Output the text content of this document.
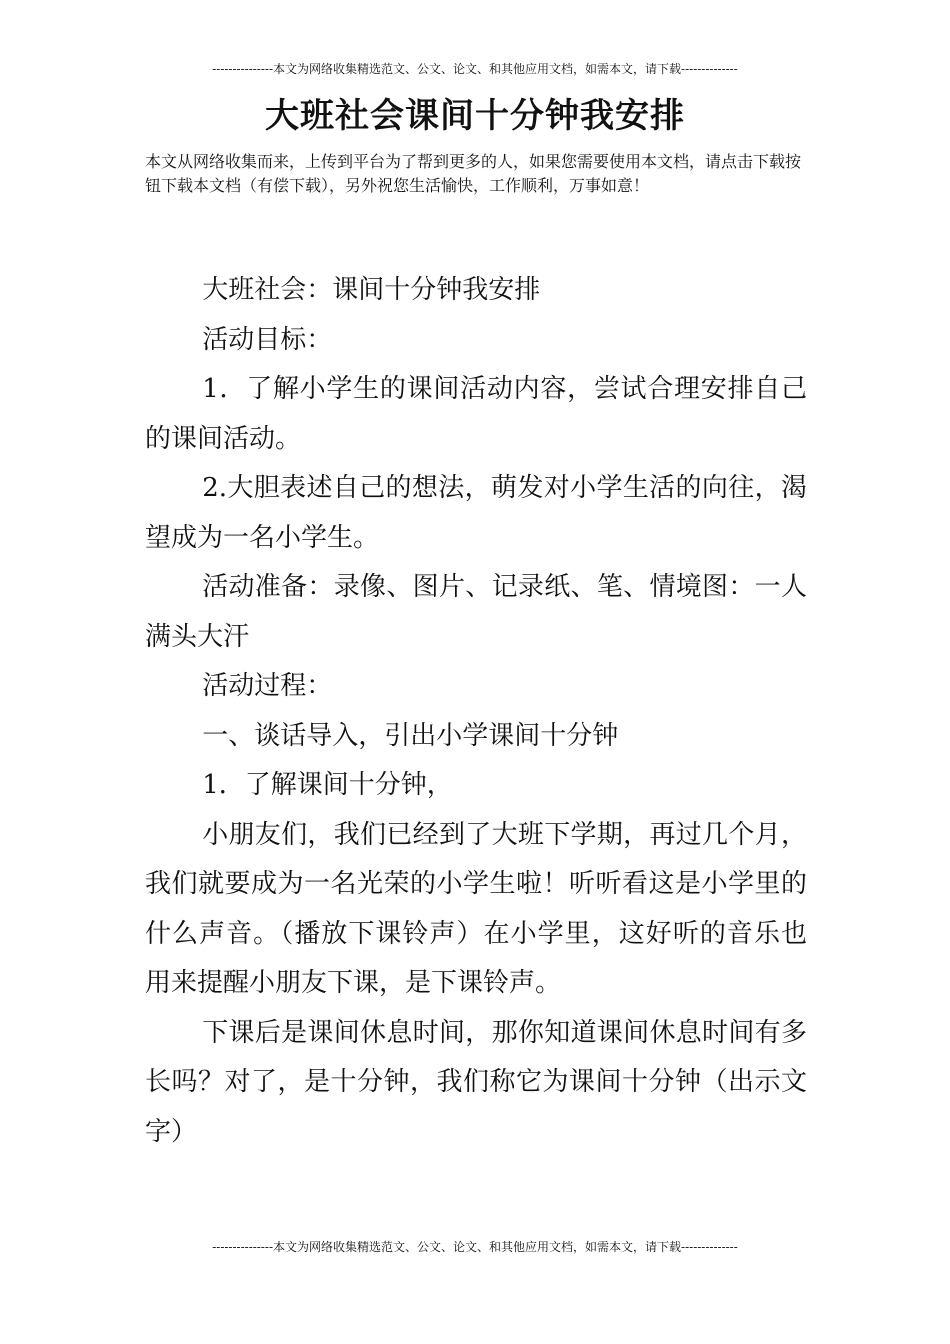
---------------本文为网络收集精选范文、公文、论文、和其他应用文档，如需本文，请下载--------------
大班社会课间十分钟我安排
本文从网络收集而来，上传到平台为了帮到更多的人，如果您需要使用本文档，请点击下载按钮下载本文档（有偿下载），另外祝您生活愉快，工作顺利，万事如意！

大班社会：课间十分钟我安排

活动目标：

1．了解小学生的课间活动内容，尝试合理安排自己的课间活动。

2.大胆表述自己的想法，萌发对小学生活的向往，渴望成为一名小学生。

活动准备：录像、图片、记录纸、笔、情境图：一人满头大汗

活动过程：

一、谈话导入，引出小学课间十分钟

1．了解课间十分钟，

小朋友们，我们已经到了大班下学期，再过几个月，我们就要成为一名光荣的小学生啦！听听看这是小学里的什么声音。（播放下课铃声）在小学里，这好听的音乐也用来提醒小朋友下课，是下课铃声。

下课后是课间休息时间，那你知道课间休息时间有多长吗？对了，是十分钟，我们称它为课间十分钟（出示文字）

---------------本文为网络收集精选范文、公文、论文、和其他应用文档，如需本文，请下载--------------
